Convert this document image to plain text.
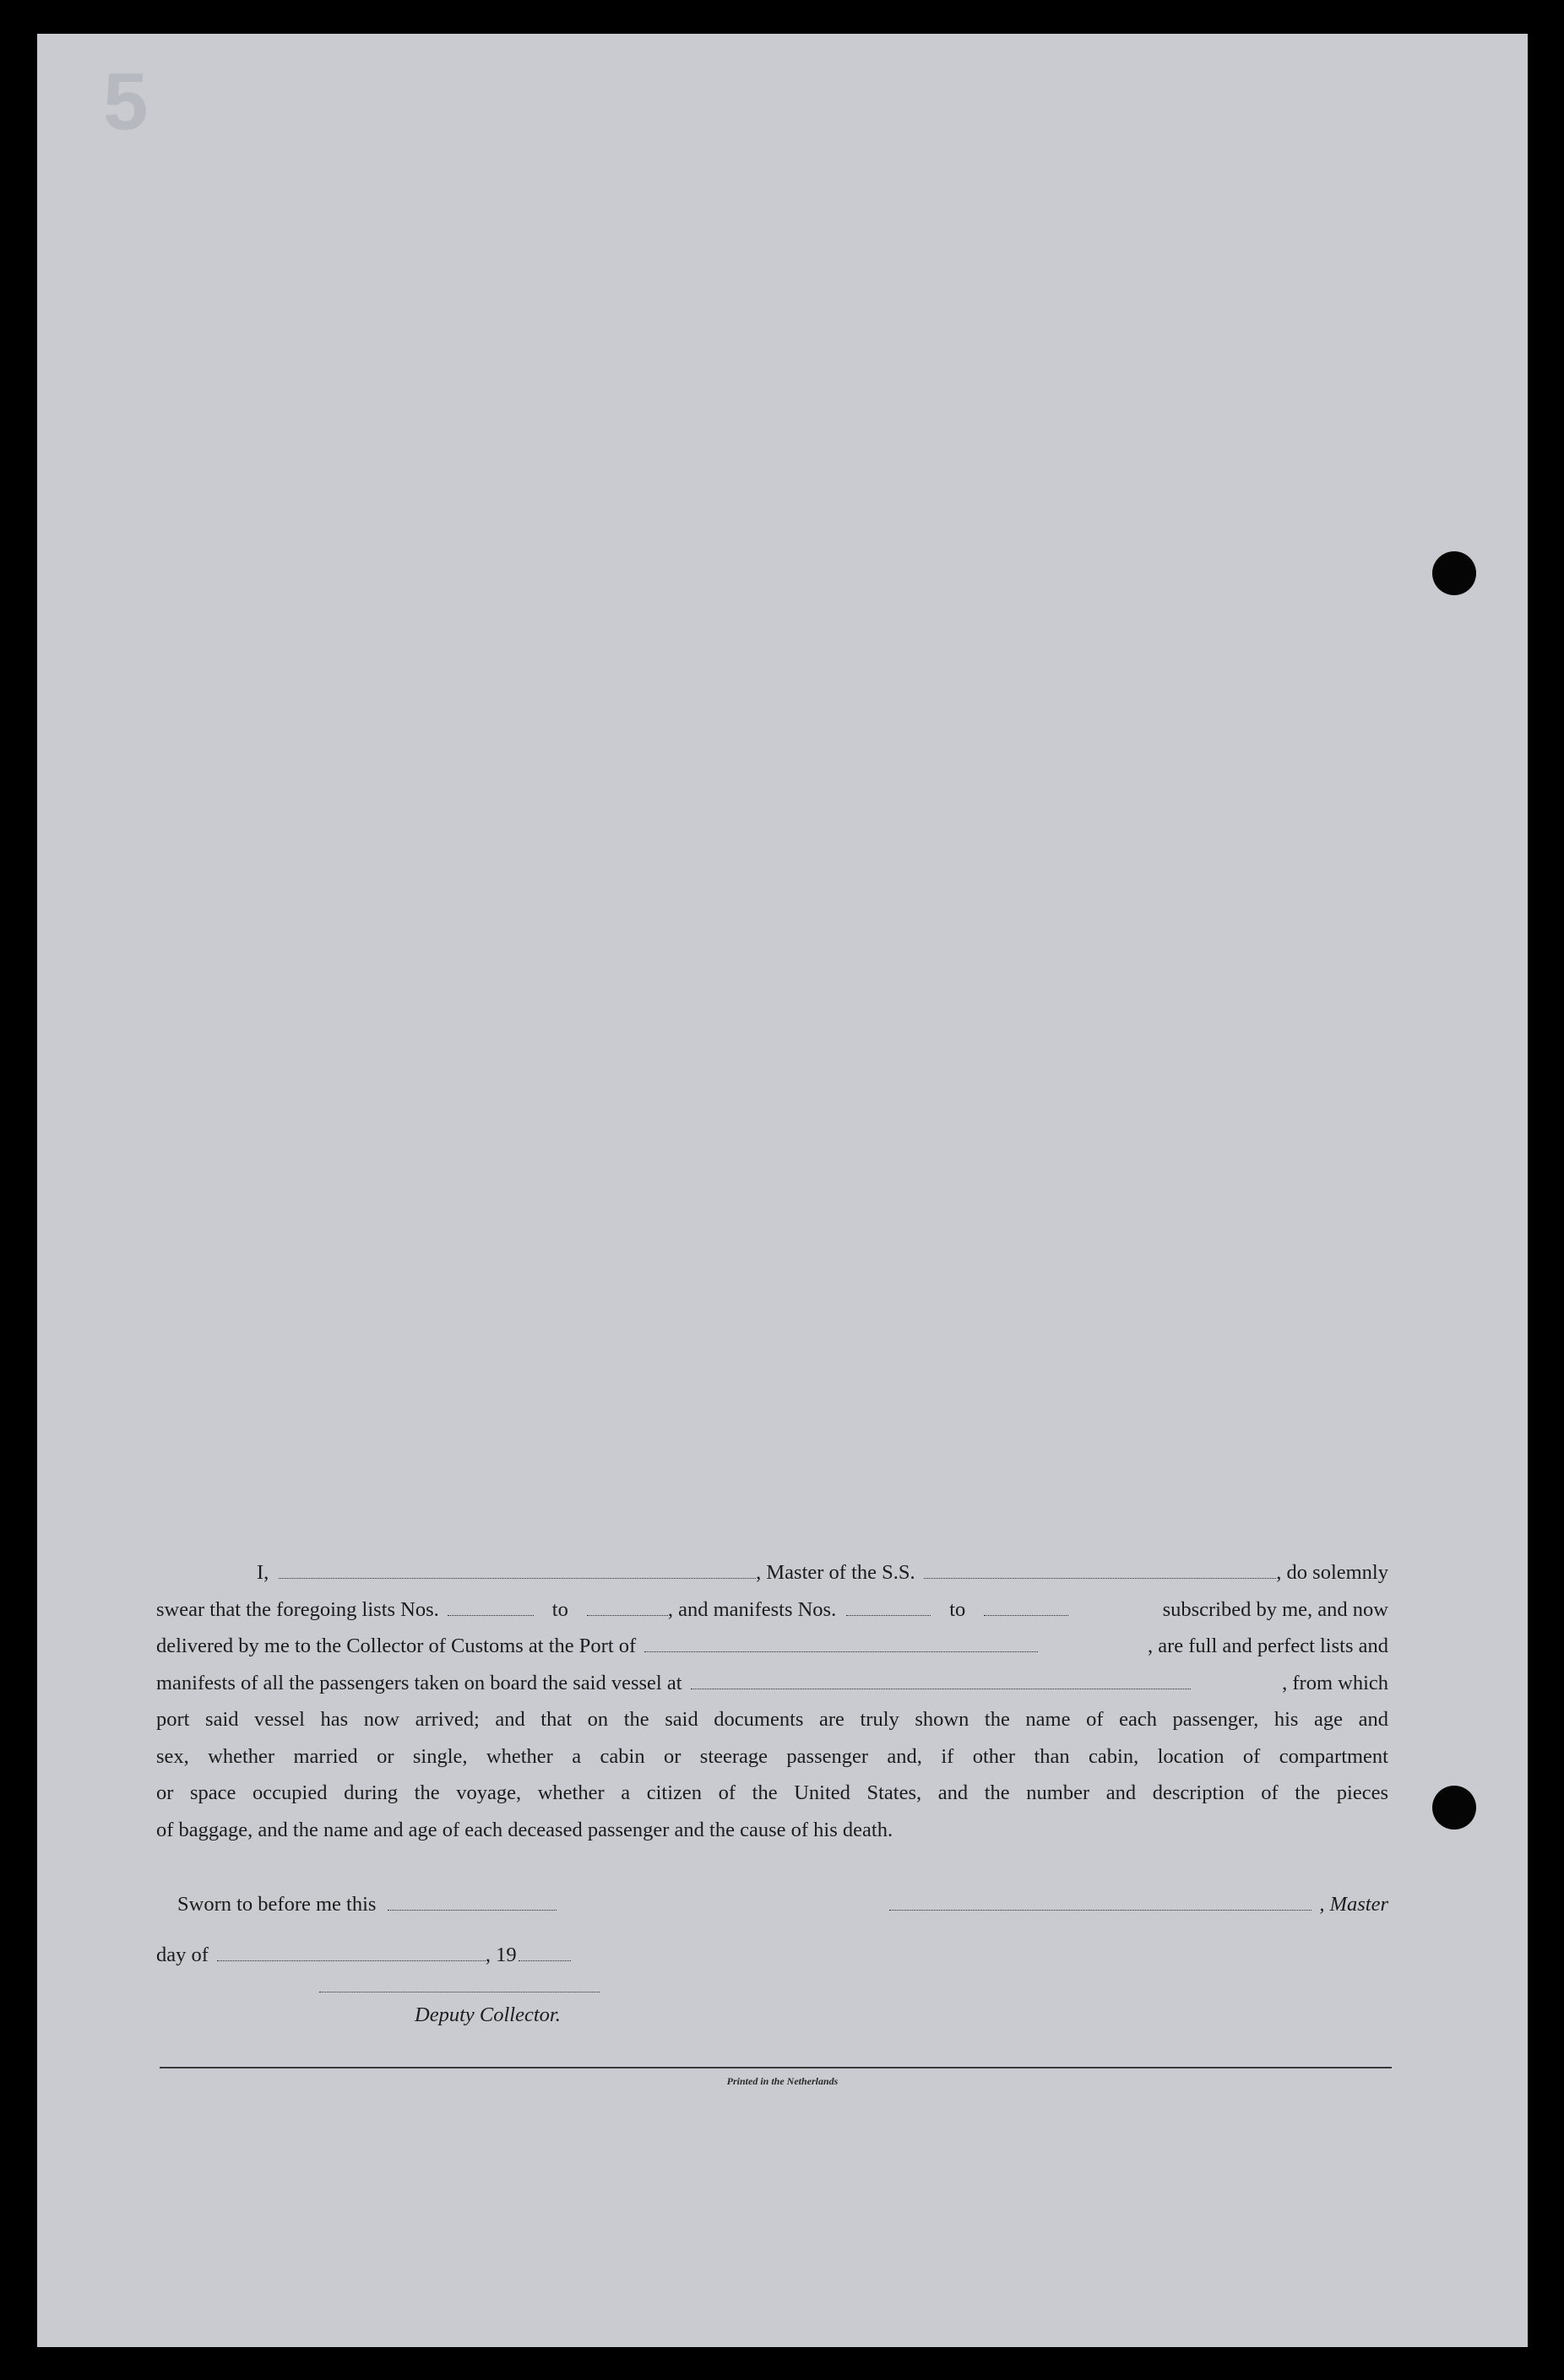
5
I,	, Master of the S.S.	, do solemnly
swear that the foregoing lists Nos.	to	, and manifests Nos.	to	subscribed by me, and now
delivered by me to the Collector of Customs at the Port of	, are full and perfect lists and
manifests of all the passengers taken on board the said vessel at	, from which
port said vessel has now arrived; and that on the said documents are truly shown the name of each passenger, his age and
sex, whether married or single, whether a cabin or steerage passenger and, if other than cabin, location of compartment
or space occupied during the voyage, whether a citizen of the United States, and the number and description of the pieces
of baggage, and the name and age of each deceased passenger and the cause of his death.
Sworn to before me this	, Master
day of	, 19
Deputy Collector.
Printed in the Netherlands
